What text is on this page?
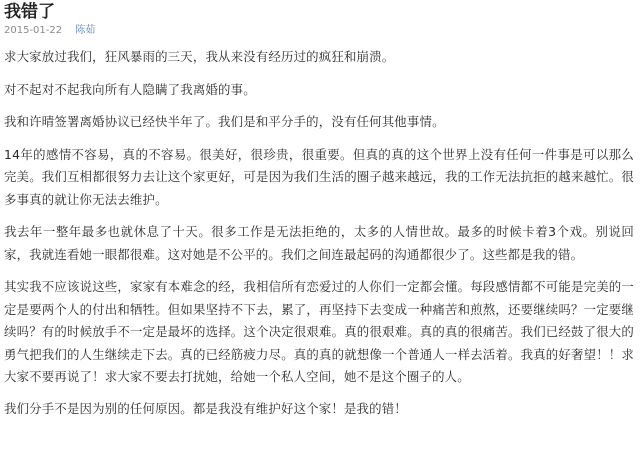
我错了
2015-01-22 陈茹

求大家放过我们，狂风暴雨的三天，我从来没有经历过的疯狂和崩溃。

对不起对不起我向所有人隐瞒了我离婚的事。

我和许晴签署离婚协议已经快半年了。我们是和平分手的，没有任何其他事情。

14年的感情不容易，真的不容易。很美好，很珍贵，很重要。但真的真的这个世界上没有任何一件事是可以那么完美。我们互相都很努力去让这个家更好，可是因为我们生活的圈子越来越远，我的工作无法抗拒的越来越忙。很多事真的就让你无法去维护。

我去年一整年最多也就休息了十天。很多工作是无法拒绝的，太多的人情世故。最多的时候卡着3个戏。别说回家，我就连看她一眼都很难。这对她是不公平的。我们之间连最起码的沟通都很少了。这些都是我的错。

其实我不应该说这些，家家有本难念的经，我相信所有恋爱过的人你们一定都会懂。每段感情都不可能是完美的一定是要两个人的付出和牺牲。但如果坚持不下去，累了，再坚持下去变成一种痛苦和煎熬，还要继续吗？一定要继续吗？有的时候放手不一定是最坏的选择。这个决定很艰难。真的很艰难。真的真的很痛苦。我们已经鼓了很大的勇气把我们的人生继续走下去。真的已经筋疲力尽。真的真的就想像一个普通人一样去活着。我真的好奢望！！求大家不要再说了！求大家不要去打扰她，给她一个私人空间，她不是这个圈子的人。

我们分手不是因为别的任何原因。都是我没有维护好这个家！是我的错！
